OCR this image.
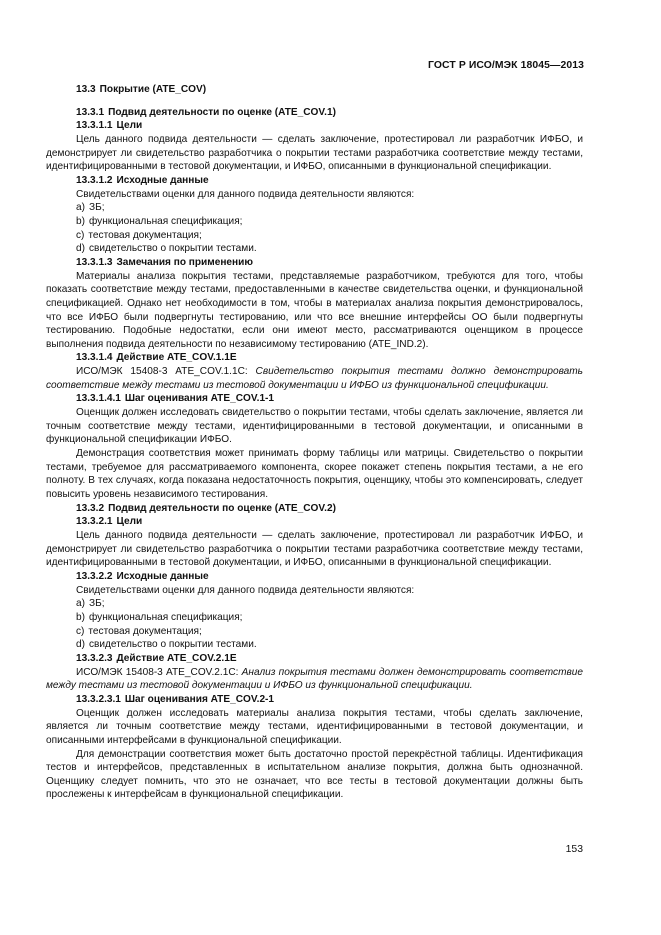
ГОСТ Р ИСО/МЭК 18045—2013

13.3 Покрытие (ATE_COV)

13.3.1 Подвид деятельности по оценке (ATE_COV.1)

13.3.1.1 Цели

Цель данного подвида деятельности — сделать заключение, протестировал ли разработчик ИФБО, и демонстрирует ли свидетельство разработчика о покрытии тестами разработчика соответствие между тестами, идентифицированными в тестовой документации, и ИФБО, описанными в функциональной спецификации.

13.3.1.2 Исходные данные

Свидетельствами оценки для данного подвида деятельности являются:

a) ЗБ;

b) функциональная спецификация;

c) тестовая документация;

d) свидетельство о покрытии тестами.

13.3.1.3 Замечания по применению

Материалы анализа покрытия тестами, представляемые разработчиком, требуются для того, чтобы показать соответствие между тестами, предоставленными в качестве свидетельства оценки, и функциональной спецификацией. Однако нет необходимости в том, чтобы в материалах анализа покрытия демонстрировалось, что все ИФБО были подвергнуты тестированию, или что все внешние интерфейсы ОО были подвергнуты тестированию. Подобные недостатки, если они имеют место, рассматриваются оценщиком в процессе выполнения подвида деятельности по независимому тестированию (ATE_IND.2).

13.3.1.4 Действие ATE_COV.1.1E

ИСО/МЭК 15408-3 ATE_COV.1.1C: Свидетельство покрытия тестами должно демонстрировать соответствие между тестами из тестовой документации и ИФБО из функциональной спецификации.

13.3.1.4.1 Шаг оценивания ATE_COV.1-1

Оценщик должен исследовать свидетельство о покрытии тестами, чтобы сделать заключение, является ли точным соответствие между тестами, идентифицированными в тестовой документации, и описанными в функциональной спецификации ИФБО.

Демонстрация соответствия может принимать форму таблицы или матрицы. Свидетельство о покрытии тестами, требуемое для рассматриваемого компонента, скорее покажет степень покрытия тестами, а не его полноту. В тех случаях, когда показана недостаточность покрытия, оценщику, чтобы это компенсировать, следует повысить уровень независимого тестирования.

13.3.2 Подвид деятельности по оценке (ATE_COV.2)

13.3.2.1 Цели

Цель данного подвида деятельности — сделать заключение, протестировал ли разработчик ИФБО, и демонстрирует ли свидетельство разработчика о покрытии тестами разработчика соответствие между тестами, идентифицированными в тестовой документации, и ИФБО, описанными в функциональной спецификации.

13.3.2.2 Исходные данные

Свидетельствами оценки для данного подвида деятельности являются:

a) ЗБ;

b) функциональная спецификация;

c) тестовая документация;

d) свидетельство о покрытии тестами.

13.3.2.3 Действие ATE_COV.2.1E

ИСО/МЭК 15408-3 ATE_COV.2.1C: Анализ покрытия тестами должен демонстрировать соответствие между тестами из тестовой документации и ИФБО из функциональной спецификации.

13.3.2.3.1 Шаг оценивания ATE_COV.2-1

Оценщик должен исследовать материалы анализа покрытия тестами, чтобы сделать заключение, является ли точным соответствие между тестами, идентифицированными в тестовой документации, и описанными интерфейсами в функциональной спецификации.

Для демонстрации соответствия может быть достаточно простой перекрёстной таблицы. Идентификация тестов и интерфейсов, представленных в испытательном анализе покрытия, должна быть однозначной. Оценщику следует помнить, что это не означает, что все тесты в тестовой документации должны быть прослежены к интерфейсам в функциональной спецификации.

153
